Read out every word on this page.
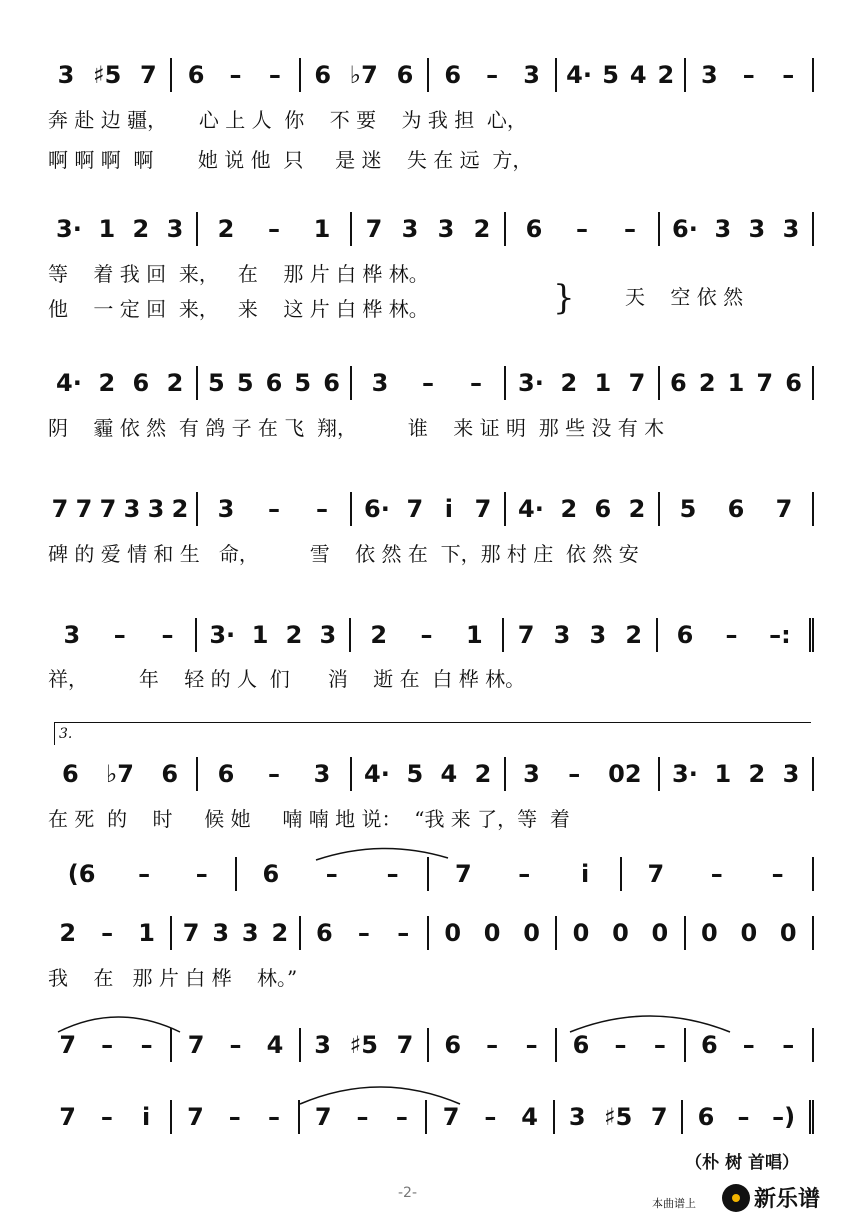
3 ♯5 7 6 – – 6 ♭7 6 6 – 3 4· 5 4 2 3 – –
3· 1 2 3 2 – 1 7 3 3 2 6 – – 6· 3 3 3
4· 2 6 2 5 5 6 5 6 3 – – 3· 2 1 7 6 2 1 7 6
7 7 7 3 3 2 3 – – 6· 7 i 7 4· 2 6 2 5 6 7
3 – – 3· 1 2 3 2 – 1 7 3 3 2 6 – –:
6 ♭7 6 6 – 3 4· 5 4 2 3 – 02 3· 1 2 3
(6 – – 6 – – 7 – i 7 – –
2 – 1 7 3 3 2 6 – – 0 0 0 0 0 0 0 0 0
7 – – 7 – 4 3 ♯5 7 6 – – 6 – – 6 – –
7 – i 7 – – 7 – – 7 – 4 3 ♯5 7 6 – –)
奔 赴 边 疆，     心 上 人  你    不 要    为 我 担  心，
啊 啊 啊  啊       她 说 他  只     是 迷    失 在 远  方，
等    着 我 回  来，   在    那 片 白 桦 林。
他    一 定 回  来，   来    这 片 白 桦 林。
阴    霾 依 然  有 鸽 子 在 飞  翔，        谁    来 证 明  那 些 没 有 木
碑 的 爱 情 和 生   命，        雪    依 然 在  下，那 村 庄  依 然 安
祥，        年    轻 的 人  们      消    逝 在  白 桦 林。
在 死  的    时     候 她     喃 喃 地 说：  “我 来 了，等  着
我    在   那 片 白 桦    林。”
}	天    空 依 然
3.
（朴 树 首唱）
-2-
本曲谱上	新乐谱
